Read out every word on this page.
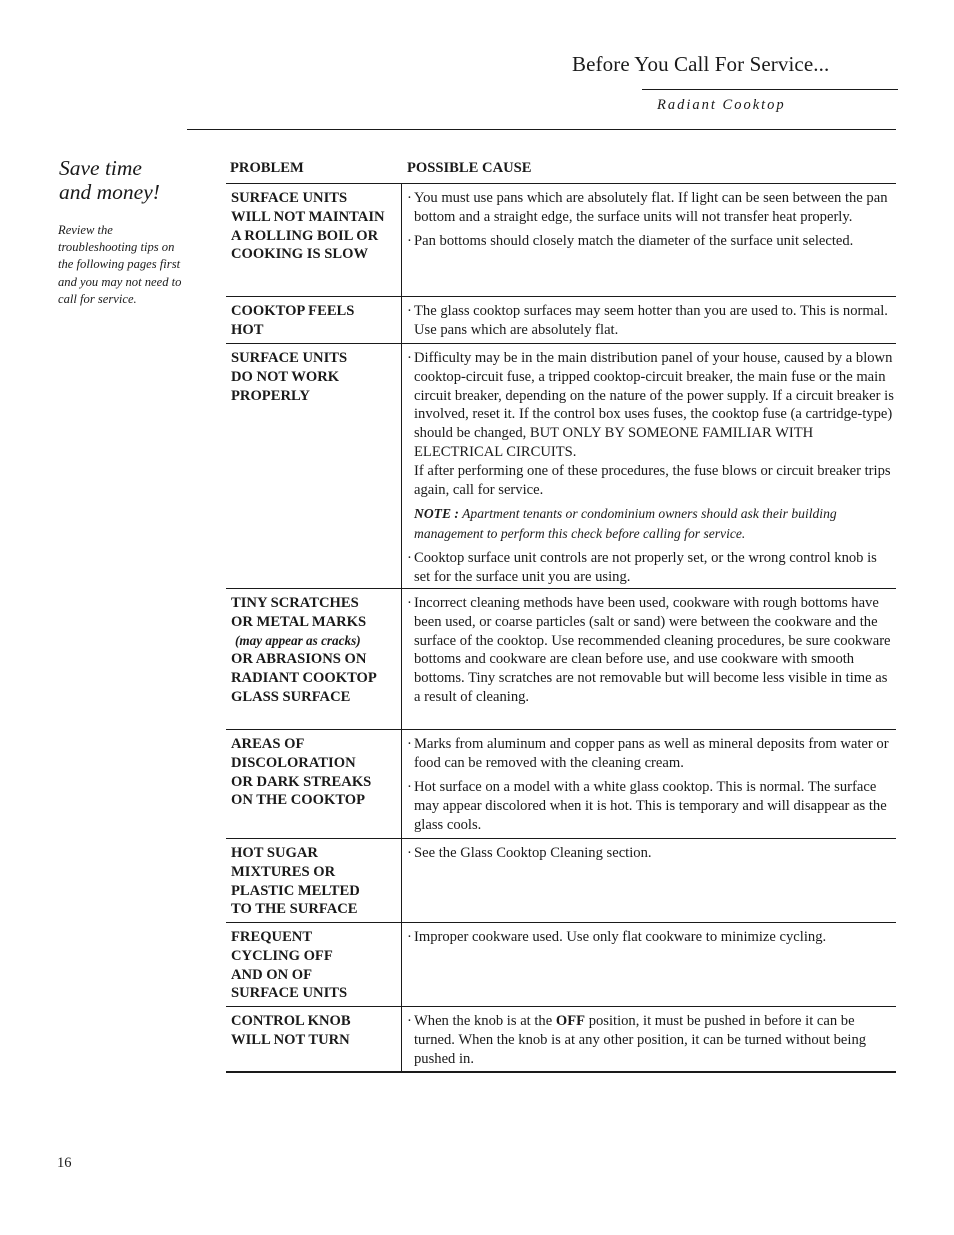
Before You Call For Service...
Radiant Cooktop
Save time
and money!
Review the troubleshooting tips on the following pages first and you may not need to call for service.
PROBLEM	POSSIBLE CAUSE
SURFACE UNITS
WILL NOT MAINTAIN
A ROLLING BOIL OR
COOKING IS SLOW
· You must use pans which are absolutely flat. If light can be seen between the pan bottom and a straight edge, the surface units will not transfer heat properly.
· Pan bottoms should closely match the diameter of the surface unit selected.
COOKTOP FEELS
HOT
· The glass cooktop surfaces may seem hotter than you are used to. This is normal. Use pans which are absolutely flat.
SURFACE UNITS
DO NOT WORK
PROPERLY
· Difficulty may be in the main distribution panel of your house, caused by a blown cooktop-circuit fuse, a tripped cooktop-circuit breaker, the main fuse or the main circuit breaker, depending on the nature of the power supply. If a circuit breaker is involved, reset it. If the control box uses fuses, the cooktop fuse (a cartridge-type) should be changed, BUT ONLY BY SOMEONE FAMILIAR WITH ELECTRICAL CIRCUITS.
If after performing one of these procedures, the fuse blows or circuit breaker trips again, call for service.
NOTE : Apartment tenants or condominium owners should ask their building management to perform this check before calling for service.
· Cooktop surface unit controls are not properly set, or the wrong control knob is set for the surface unit you are using.
TINY SCRATCHES
OR METAL MARKS
(may appear as cracks)
OR ABRASIONS ON
RADIANT COOKTOP
GLASS SURFACE
· Incorrect cleaning methods have been used, cookware with rough bottoms have been used, or coarse particles (salt or sand) were between the cookware and the surface of the cooktop. Use recommended cleaning procedures, be sure cookware bottoms and cookware are clean before use, and use cookware with smooth bottoms. Tiny scratches are not removable but will become less visible in time as a result of cleaning.
AREAS OF
DISCOLORATION
OR DARK STREAKS
ON THE COOKTOP
· Marks from aluminum and copper pans as well as mineral deposits from water or food can be removed with the cleaning cream.
· Hot surface on a model with a white glass cooktop. This is normal. The surface may appear discolored when it is hot. This is temporary and will disappear as the glass cools.
HOT SUGAR
MIXTURES OR
PLASTIC MELTED
TO THE SURFACE
· See the Glass Cooktop Cleaning section.
FREQUENT
CYCLING OFF
AND ON OF
SURFACE UNITS
· Improper cookware used. Use only flat cookware to minimize cycling.
CONTROL KNOB
WILL NOT TURN
· When the knob is at the OFF position, it must be pushed in before it can be turned. When the knob is at any other position, it can be turned without being pushed in.
16
